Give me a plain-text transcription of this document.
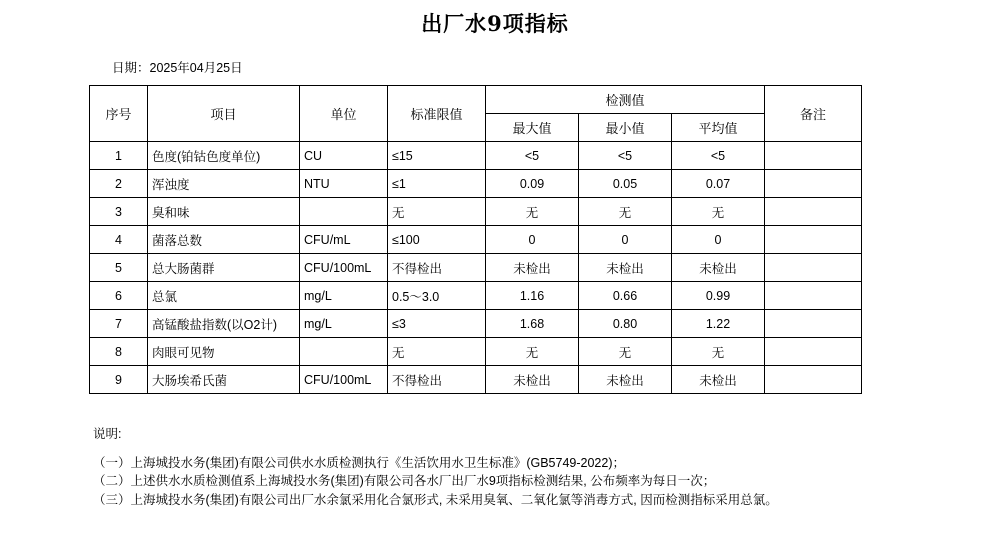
出厂水9项指标
日期：2025年04月25日
序号	项目	单位	标准限值	检测值			备注
				最大值	最小值	平均值	
1	色度(铂钴色度单位)	CU	≤15	<5	<5	<5	
2	浑浊度	NTU	≤1	0.09	0.05	0.07	
3	臭和味		无	无	无	无	
4	菌落总数	CFU/mL	≤100	0	0	0	
5	总大肠菌群	CFU/100mL	不得检出	未检出	未检出	未检出	
6	总氯	mg/L	0.5～3.0	1.16	0.66	0.99	
7	高锰酸盐指数(以O2计)	mg/L	≤3	1.68	0.80	1.22	
8	肉眼可见物		无	无	无	无	
9	大肠埃希氏菌	CFU/100mL	不得检出	未检出	未检出	未检出	
说明:
（一）上海城投水务(集团)有限公司供水水质检测执行《生活饮用水卫生标准》(GB5749-2022)；
（二）上述供水水质检测值系上海城投水务(集团)有限公司各水厂出厂水9项指标检测结果, 公布频率为每日一次；
（三）上海城投水务(集团)有限公司出厂水余氯采用化合氯形式, 未采用臭氧、二氧化氯等消毒方式, 因而检测指标采用总氯。
